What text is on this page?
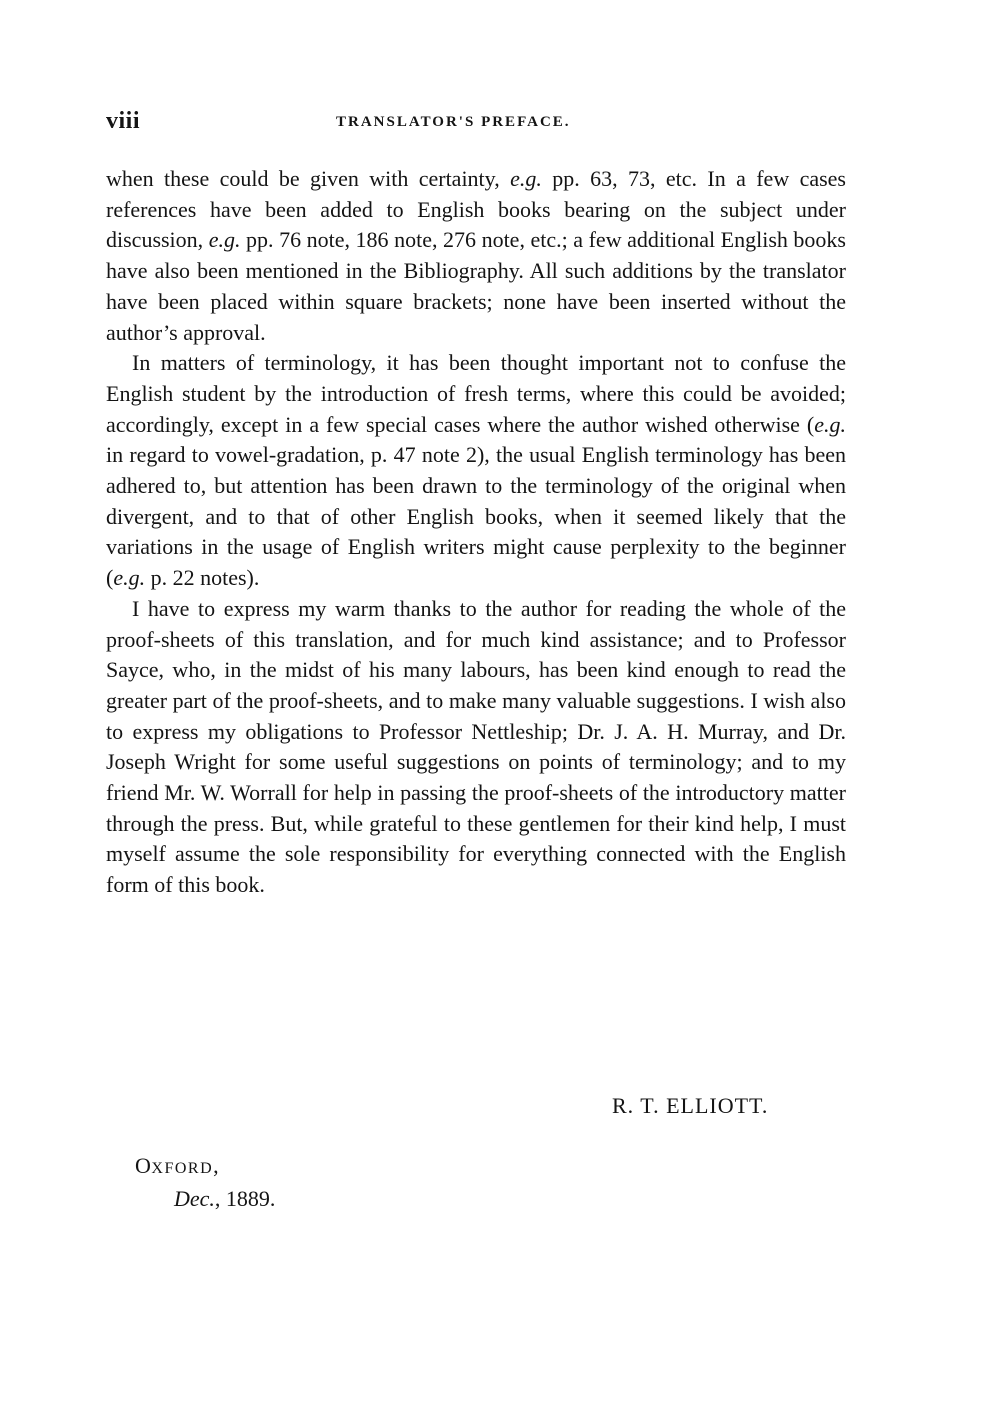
viii	TRANSLATOR'S PREFACE.

when these could be given with certainty, e.g. pp. 63, 73, etc. In a few cases references have been added to English books bearing on the subject under discussion, e.g. pp. 76 note, 186 note, 276 note, etc.; a few additional English books have also been mentioned in the Bibliography. All such additions by the translator have been placed within square brackets; none have been inserted without the author’s approval.

In matters of terminology, it has been thought important not to confuse the English student by the introduction of fresh terms, where this could be avoided; accordingly, except in a few special cases where the author wished otherwise (e.g. in regard to vowel-gradation, p. 47 note 2), the usual English terminology has been adhered to, but attention has been drawn to the terminology of the original when divergent, and to that of other English books, when it seemed likely that the variations in the usage of English writers might cause perplexity to the beginner (e.g. p. 22 notes).

I have to express my warm thanks to the author for reading the whole of the proof-sheets of this translation, and for much kind assistance; and to Professor Sayce, who, in the midst of his many labours, has been kind enough to read the greater part of the proof-sheets, and to make many valuable suggestions. I wish also to express my obligations to Professor Nettleship; Dr. J. A. H. Murray, and Dr. Joseph Wright for some useful suggestions on points of terminology; and to my friend Mr. W. Worrall for help in passing the proof-sheets of the introductory matter through the press. But, while grateful to these gentlemen for their kind help, I must myself assume the sole responsibility for everything connected with the English form of this book.

R. T. ELLIOTT.
OXFORD,
Dec., 1889.
